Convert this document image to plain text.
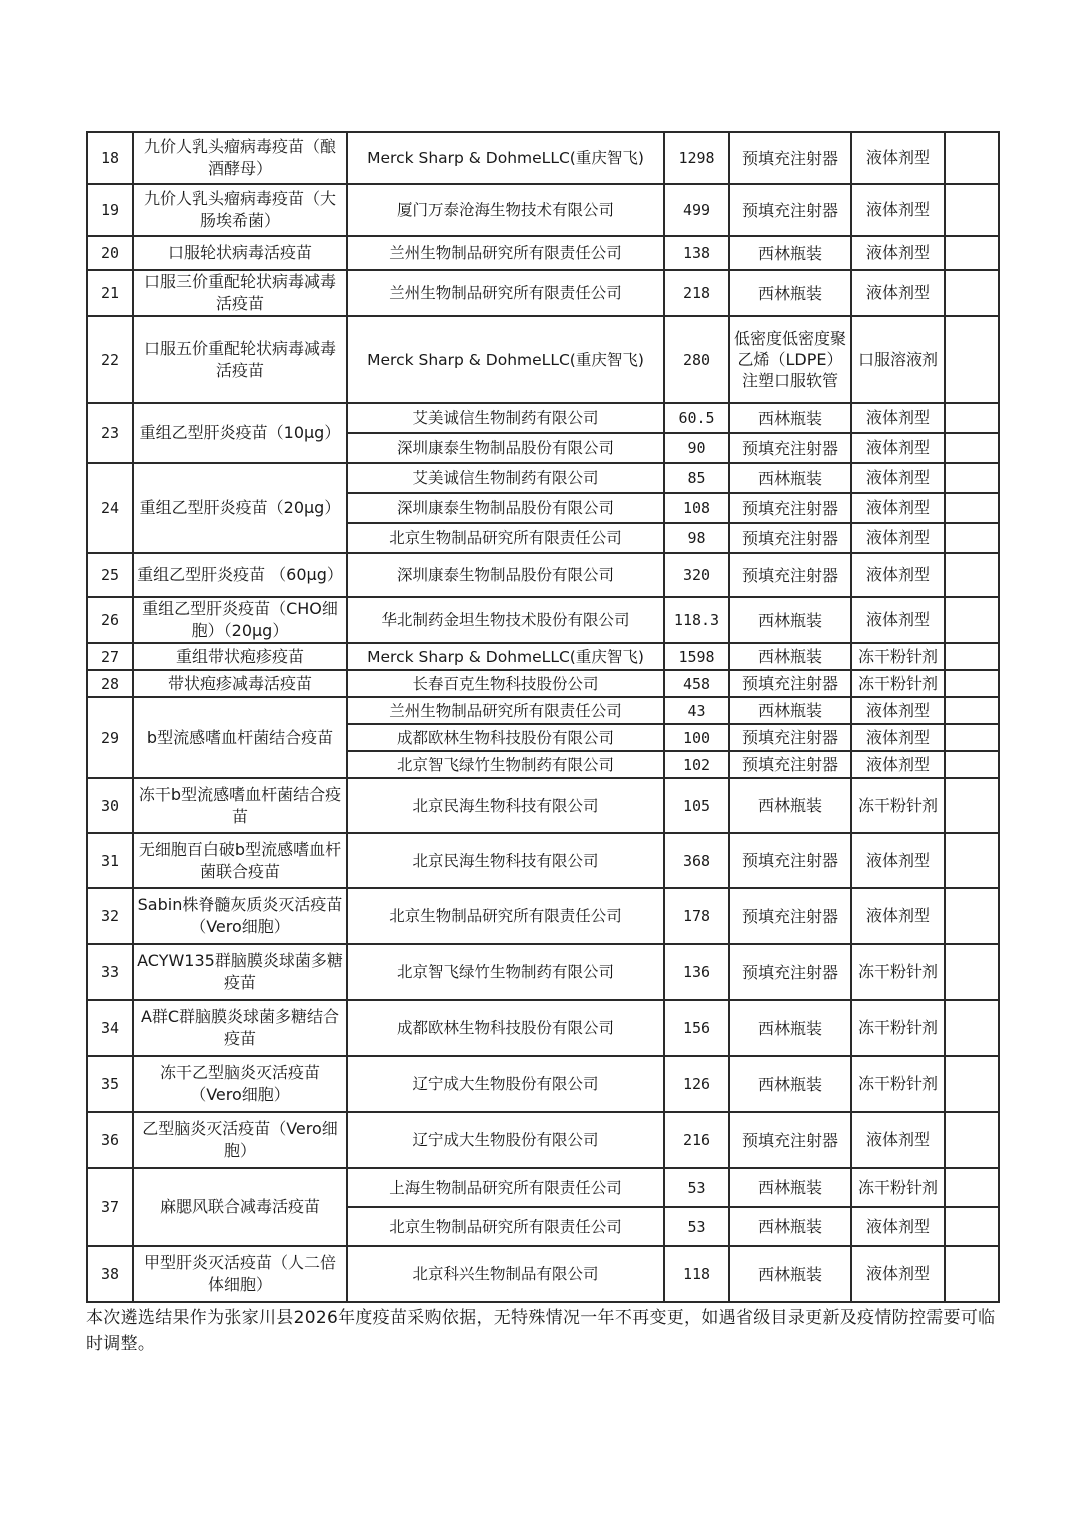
18	九价人乳头瘤病毒疫苗（酿酒酵母）	Merck Sharp & DohmeLLC(重庆智飞)	1298	预填充注射器	液体剂型	
19	九价人乳头瘤病毒疫苗（大肠埃希菌）	厦门万泰沧海生物技术有限公司	499	预填充注射器	液体剂型	
20	口服轮状病毒活疫苗	兰州生物制品研究所有限责任公司	138	西林瓶装	液体剂型	
21	口服三价重配轮状病毒减毒活疫苗	兰州生物制品研究所有限责任公司	218	西林瓶装	液体剂型	
22	口服五价重配轮状病毒减毒活疫苗	Merck Sharp & DohmeLLC(重庆智飞)	280	低密度低密度聚乙烯（LDPE）注塑口服软管	口服溶液剂	
23	重组乙型肝炎疫苗（10μg）	艾美诚信生物制药有限公司	60.5	西林瓶装	液体剂型	
		深圳康泰生物制品股份有限公司	90	预填充注射器	液体剂型	
24	重组乙型肝炎疫苗（20μg）	艾美诚信生物制药有限公司	85	西林瓶装	液体剂型	
		深圳康泰生物制品股份有限公司	108	预填充注射器	液体剂型	
		北京生物制品研究所有限责任公司	98	预填充注射器	液体剂型	
25	重组乙型肝炎疫苗 （60μg）	深圳康泰生物制品股份有限公司	320	预填充注射器	液体剂型	
26	重组乙型肝炎疫苗（CHO细胞）（20μg）	华北制药金坦生物技术股份有限公司	118.3	西林瓶装	液体剂型	
27	重组带状疱疹疫苗	Merck Sharp & DohmeLLC(重庆智飞)	1598	西林瓶装	冻干粉针剂	
28	带状疱疹减毒活疫苗	长春百克生物科技股份公司	458	预填充注射器	冻干粉针剂	
29	b型流感嗜血杆菌结合疫苗	兰州生物制品研究所有限责任公司	43	西林瓶装	液体剂型	
		成都欧林生物科技股份有限公司	100	预填充注射器	液体剂型	
		北京智飞绿竹生物制药有限公司	102	预填充注射器	液体剂型	
30	冻干b型流感嗜血杆菌结合疫苗	北京民海生物科技有限公司	105	西林瓶装	冻干粉针剂	
31	无细胞百白破b型流感嗜血杆菌联合疫苗	北京民海生物科技有限公司	368	预填充注射器	液体剂型	
32	Sabin株脊髓灰质炎灭活疫苗（Vero细胞）	北京生物制品研究所有限责任公司	178	预填充注射器	液体剂型	
33	ACYW135群脑膜炎球菌多糖疫苗	北京智飞绿竹生物制药有限公司	136	预填充注射器	冻干粉针剂	
34	A群C群脑膜炎球菌多糖结合疫苗	成都欧林生物科技股份有限公司	156	西林瓶装	冻干粉针剂	
35	冻干乙型脑炎灭活疫苗（Vero细胞）	辽宁成大生物股份有限公司	126	西林瓶装	冻干粉针剂	
36	乙型脑炎灭活疫苗（Vero细胞）	辽宁成大生物股份有限公司	216	预填充注射器	液体剂型	
37	麻腮风联合减毒活疫苗	上海生物制品研究所有限责任公司	53	西林瓶装	冻干粉针剂	
		北京生物制品研究所有限责任公司	53	西林瓶装	液体剂型	
38	甲型肝炎灭活疫苗（人二倍体细胞）	北京科兴生物制品有限公司	118	西林瓶装	液体剂型	

本次遴选结果作为张家川县2026年度疫苗采购依据，无特殊情况一年不再变更，如遇省级目录更新及疫情防控需要可临时调整。
